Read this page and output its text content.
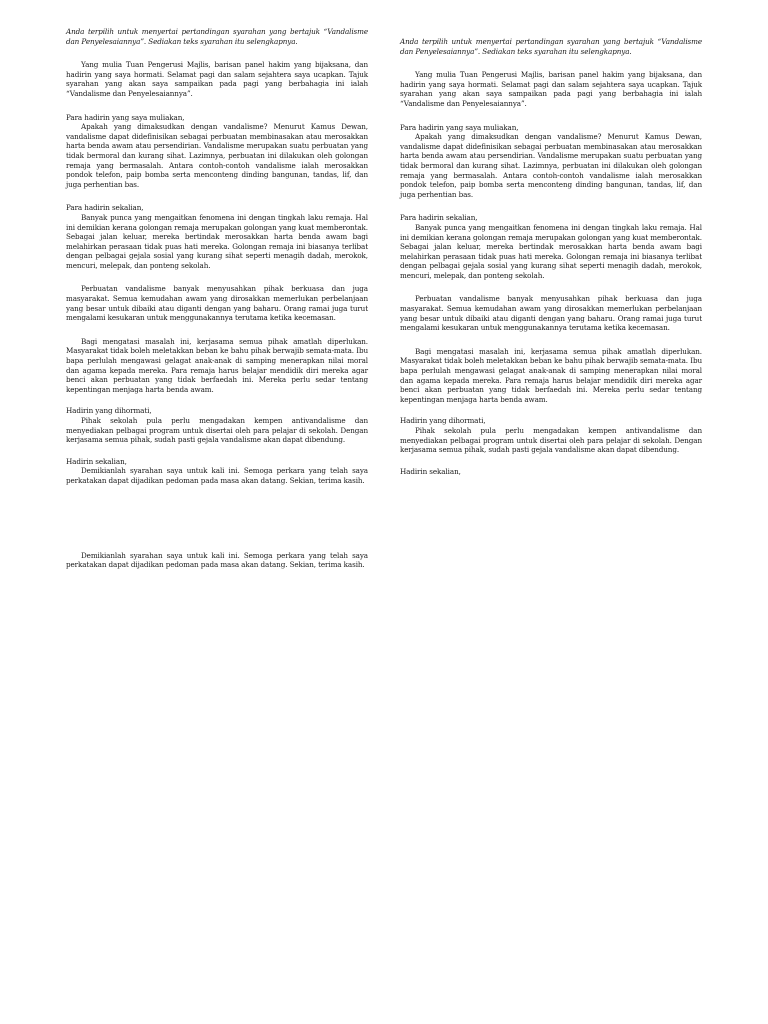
Anda terpilih untuk menyertai pertandingan syarahan yang bertajuk “Vandalisme dan Penyelesaiannya”. Sediakan teks syarahan itu selengkapnya.

Yang mulia Tuan Pengerusi Majlis, barisan panel hakim yang bijaksana, dan hadirin yang saya hormati. Selamat pagi dan salam sejahtera saya ucapkan. Tajuk syarahan yang akan saya sampaikan pada pagi yang berbahagia ini ialah “Vandalisme dan Penyelesaiannya”.

Para hadirin yang saya muliakan,

Apakah yang dimaksudkan dengan vandalisme? Menurut Kamus Dewan, vandalisme dapat didefinisikan sebagai perbuatan membinasakan atau merosakkan harta benda awam atau persendirian. Vandalisme merupakan suatu perbuatan yang tidak bermoral dan kurang sihat. Lazimnya, perbuatan ini dilakukan oleh golongan remaja yang bermasalah. Antara contoh-contoh vandalisme ialah merosakkan pondok telefon, paip bomba serta menconteng dinding bangunan, tandas, lif, dan juga perhentian bas.

Para hadirin sekalian,

Banyak punca yang mengaitkan fenomena ini dengan tingkah laku remaja. Hal ini demikian kerana golongan remaja merupakan golongan yang kuat memberontak. Sebagai jalan keluar, mereka bertindak merosakkan harta benda awam bagi melahirkan perasaan tidak puas hati mereka. Golongan remaja ini biasanya terlibat dengan pelbagai gejala sosial yang kurang sihat seperti menagih dadah, merokok, mencuri, melepak, dan ponteng sekolah.

Perbuatan vandalisme banyak menyusahkan pihak berkuasa dan juga masyarakat. Semua kemudahan awam yang dirosakkan memerlukan perbelanjaan yang besar untuk dibaiki atau diganti dengan yang baharu. Orang ramai juga turut mengalami kesukaran untuk menggunakannya terutama ketika kecemasan.

Bagi mengatasi masalah ini, kerjasama semua pihak amatlah diperlukan. Masyarakat tidak boleh meletakkan beban ke bahu pihak berwajib semata-mata. Ibu bapa perlulah mengawasi gelagat anak-anak di samping menerapkan nilai moral dan agama kepada mereka. Para remaja harus belajar mendidik diri mereka agar benci akan perbuatan yang tidak berfaedah ini. Mereka perlu sedar tentang kepentingan menjaga harta benda awam.

Hadirin yang dihormati,

Pihak sekolah pula perlu mengadakan kempen antivandalisme dan menyediakan pelbagai program untuk disertai oleh para pelajar di sekolah. Dengan kerjasama semua pihak, sudah pasti gejala vandalisme akan dapat dibendung.

Hadirin sekalian,

Demikianlah syarahan saya untuk kali ini. Semoga perkara yang telah saya perkatakan dapat dijadikan pedoman pada masa akan datang. Sekian, terima kasih.

Demikianlah syarahan saya untuk kali ini. Semoga perkara yang telah saya perkatakan dapat dijadikan pedoman pada masa akan datang. Sekian, terima kasih.

Anda terpilih untuk menyertai pertandingan syarahan yang bertajuk “Vandalisme dan Penyelesaiannya”. Sediakan teks syarahan itu selengkapnya.

Yang mulia Tuan Pengerusi Majlis, barisan panel hakim yang bijaksana, dan hadirin yang saya hormati. Selamat pagi dan salam sejahtera saya ucapkan. Tajuk syarahan yang akan saya sampaikan pada pagi yang berbahagia ini ialah “Vandalisme dan Penyelesaiannya”.

Para hadirin yang saya muliakan,

Apakah yang dimaksudkan dengan vandalisme? Menurut Kamus Dewan, vandalisme dapat didefinisikan sebagai perbuatan membinasakan atau merosakkan harta benda awam atau persendirian. Vandalisme merupakan suatu perbuatan yang tidak bermoral dan kurang sihat. Lazimnya, perbuatan ini dilakukan oleh golongan remaja yang bermasalah. Antara contoh-contoh vandalisme ialah merosakkan pondok telefon, paip bomba serta menconteng dinding bangunan, tandas, lif, dan juga perhentian bas.

Para hadirin sekalian,

Banyak punca yang mengaitkan fenomena ini dengan tingkah laku remaja. Hal ini demikian kerana golongan remaja merupakan golongan yang kuat memberontak. Sebagai jalan keluar, mereka bertindak merosakkan harta benda awam bagi melahirkan perasaan tidak puas hati mereka. Golongan remaja ini biasanya terlibat dengan pelbagai gejala sosial yang kurang sihat seperti menagih dadah, merokok, mencuri, melepak, dan ponteng sekolah.

Perbuatan vandalisme banyak menyusahkan pihak berkuasa dan juga masyarakat. Semua kemudahan awam yang dirosakkan memerlukan perbelanjaan yang besar untuk dibaiki atau diganti dengan yang baharu. Orang ramai juga turut mengalami kesukaran untuk menggunakannya terutama ketika kecemasan.

Bagi mengatasi masalah ini, kerjasama semua pihak amatlah diperlukan. Masyarakat tidak boleh meletakkan beban ke bahu pihak berwajib semata-mata. Ibu bapa perlulah mengawasi gelagat anak-anak di samping menerapkan nilai moral dan agama kepada mereka. Para remaja harus belajar mendidik diri mereka agar benci akan perbuatan yang tidak berfaedah ini. Mereka perlu sedar tentang kepentingan menjaga harta benda awam.

Hadirin yang dihormati,

Pihak sekolah pula perlu mengadakan kempen antivandalisme dan menyediakan pelbagai program untuk disertai oleh para pelajar di sekolah. Dengan kerjasama semua pihak, sudah pasti gejala vandalisme akan dapat dibendung.

Hadirin sekalian,
